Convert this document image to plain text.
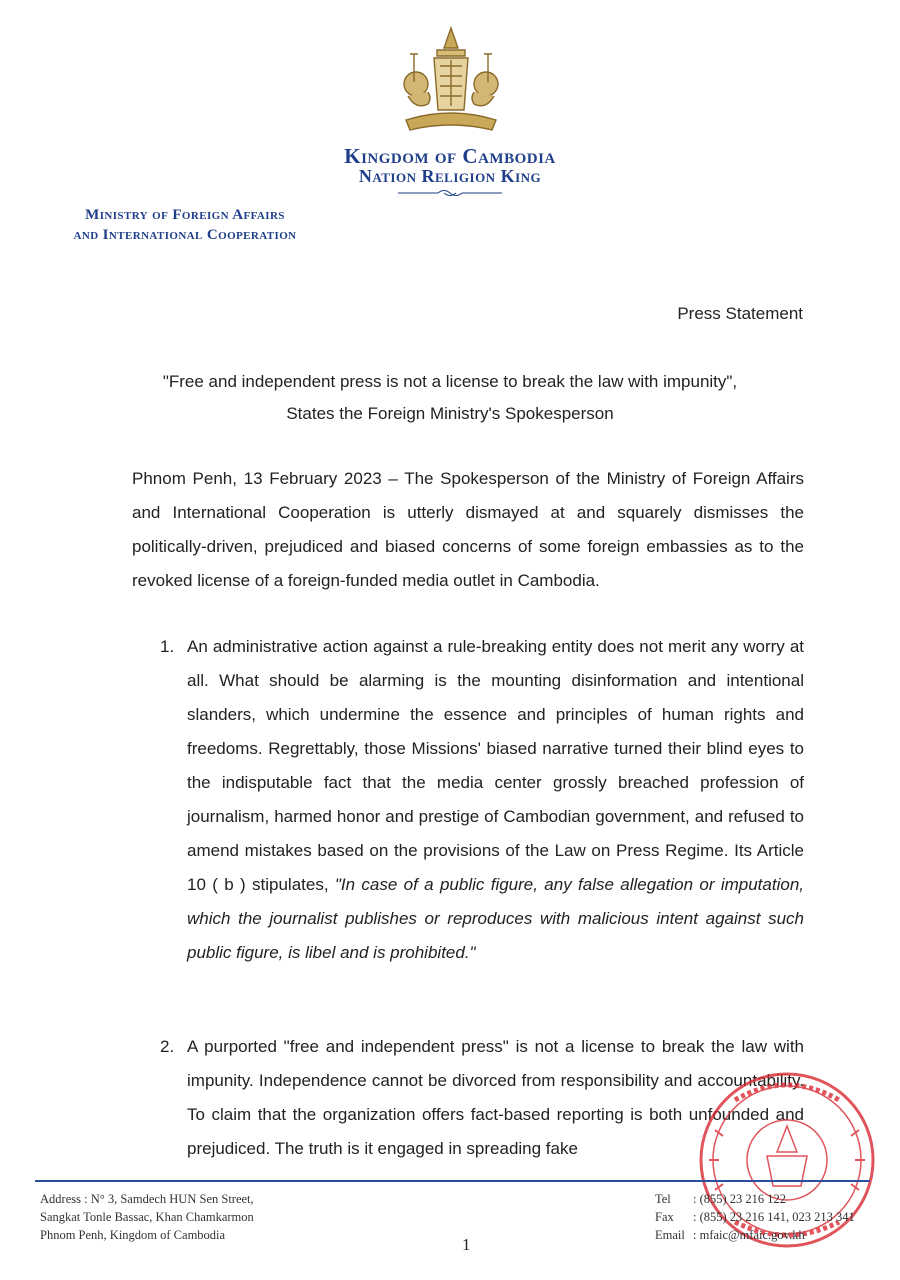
Kingdom of Cambodia
Nation Religion King
Ministry of Foreign Affairs
and International Cooperation
Press Statement
"Free and independent press is not a license to break the law with impunity",
States the Foreign Ministry's Spokesperson
Phnom Penh, 13 February 2023 – The Spokesperson of the Ministry of Foreign Affairs and International Cooperation is utterly dismayed at and squarely dismisses the politically-driven, prejudiced and biased concerns of some foreign embassies as to the revoked license of a foreign-funded media outlet in Cambodia.
1. An administrative action against a rule-breaking entity does not merit any worry at all. What should be alarming is the mounting disinformation and intentional slanders, which undermine the essence and principles of human rights and freedoms. Regrettably, those Missions' biased narrative turned their blind eyes to the indisputable fact that the media center grossly breached profession of journalism, harmed honor and prestige of Cambodian government, and refused to amend mistakes based on the provisions of the Law on Press Regime. Its Article 10 ( b ) stipulates, "In case of a public figure, any false allegation or imputation, which the journalist publishes or reproduces with malicious intent against such public figure, is libel and is prohibited."
2. A purported "free and independent press" is not a license to break the law with impunity. Independence cannot be divorced from responsibility and accountability. To claim that the organization offers fact-based reporting is both unfounded and prejudiced. The truth is it engaged in spreading fake
Address : N° 3, Samdech HUN Sen Street,
Sangkat Tonle Bassac, Khan Chamkarmon
Phnom Penh, Kingdom of Cambodia
Tel : (855) 23 216 122
Fax : (855) 23 216 141, 023 213 341
Email : mfaic@mfaic.gov.kh
1
